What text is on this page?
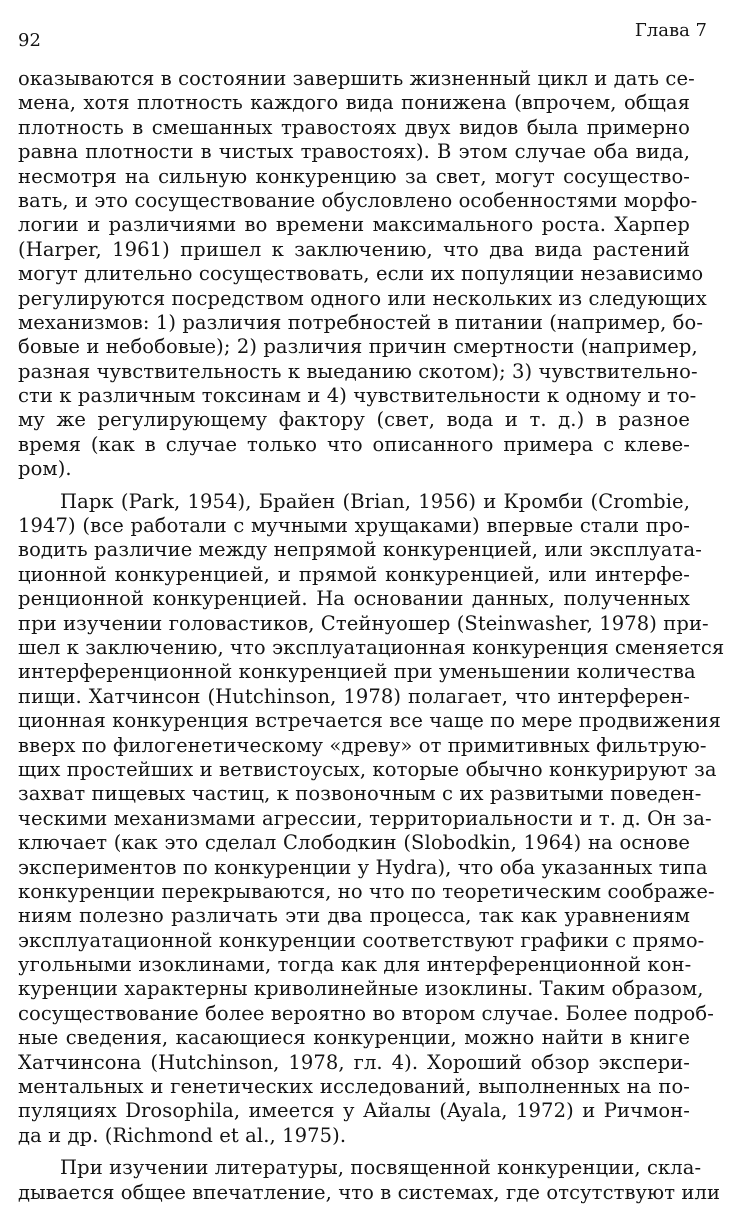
92	Глава 7
оказываются в состоянии завершить жизненный цикл и дать се-
мена, хотя плотность каждого вида понижена (впрочем, общая
плотность в смешанных травостоях двух видов была примерно
равна плотности в чистых травостоях). В этом случае оба вида,
несмотря на сильную конкуренцию за свет, могут сосущество-
вать, и это сосуществование обусловлено особенностями морфо-
логии и различиями во времени максимального роста. Харпер
(Harper, 1961) пришел к заключению, что два вида растений
могут длительно сосуществовать, если их популяции независимо
регулируются посредством одного или нескольких из следующих
механизмов: 1) различия потребностей в питании (например, бо-
бовые и небобовые); 2) различия причин смертности (например,
разная чувствительность к выеданию скотом); 3) чувствительно-
сти к различным токсинам и 4) чувствительности к одному и то-
му же регулирующему фактору (свет, вода и т. д.) в разное
время (как в случае только что описанного примера с клеве-
ром).
Парк (Park, 1954), Брайен (Brian, 1956) и Кромби (Crombie,
1947) (все работали с мучными хрущаками) впервые стали про-
водить различие между непрямой конкуренцией, или эксплуата-
ционной конкуренцией, и прямой конкуренцией, или интерфе-
ренционной конкуренцией. На основании данных, полученных
при изучении головастиков, Стейнуошер (Steinwasher, 1978) при-
шел к заключению, что эксплуатационная конкуренция сменяется
интерференционной конкуренцией при уменьшении количества
пищи. Хатчинсон (Hutchinson, 1978) полагает, что интерферен-
ционная конкуренция встречается все чаще по мере продвижения
вверх по филогенетическому «древу» от примитивных фильтрую-
щих простейших и ветвистоусых, которые обычно конкурируют за
захват пищевых частиц, к позвоночным с их развитыми поведен-
ческими механизмами агрессии, территориальности и т. д. Он за-
ключает (как это сделал Слободкин (Slobodkin, 1964) на основе
экспериментов по конкуренции у Hydra), что оба указанных типа
конкуренции перекрываются, но что по теоретическим соображе-
ниям полезно различать эти два процесса, так как уравнениям
эксплуатационной конкуренции соответствуют графики с прямо-
угольными изоклинами, тогда как для интерференционной кон-
куренции характерны криволинейные изоклины. Таким образом,
сосуществование более вероятно во втором случае. Более подроб-
ные сведения, касающиеся конкуренции, можно найти в книге
Хатчинсона (Hutchinson, 1978, гл. 4). Хороший обзор экспери-
ментальных и генетических исследований, выполненных на по-
пуляциях Drosophila, имеется у Айалы (Ayala, 1972) и Ричмон-
да и др. (Richmond et al., 1975).
При изучении литературы, посвященной конкуренции, скла-
дывается общее впечатление, что в системах, где отсутствуют или
